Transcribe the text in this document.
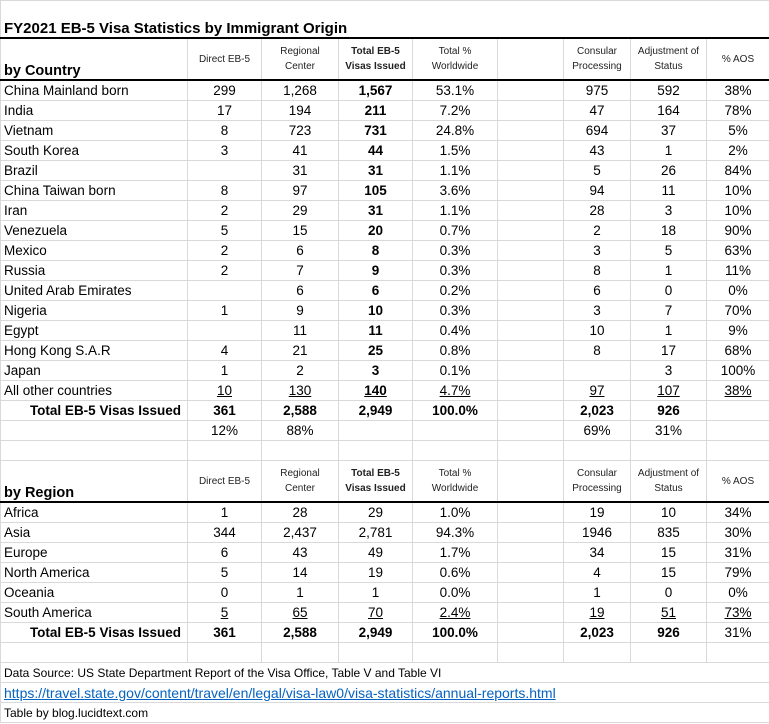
FY2021 EB-5 Visa Statistics by Immigrant Origin								
by Country	Direct EB-5	Regional Center	Total EB-5 Visas Issued	Total % Worldwide		Consular Processing	Adjustment of Status	% AOS
China Mainland born	299	1,268	1,567	53.1%		975	592	38%
India	17	194	211	7.2%		47	164	78%
Vietnam	8	723	731	24.8%		694	37	5%
South Korea	3	41	44	1.5%		43	1	2%
Brazil		31	31	1.1%		5	26	84%
China Taiwan born	8	97	105	3.6%		94	11	10%
Iran	2	29	31	1.1%		28	3	10%
Venezuela	5	15	20	0.7%		2	18	90%
Mexico	2	6	8	0.3%		3	5	63%
Russia	2	7	9	0.3%		8	1	11%
United Arab Emirates		6	6	0.2%		6	0	0%
Nigeria	1	9	10	0.3%		3	7	70%
Egypt		11	11	0.4%		10	1	9%
Hong Kong S.A.R	4	21	25	0.8%		8	17	68%
Japan	1	2	3	0.1%			3	100%
All other countries	10	130	140	4.7%		97	107	38%
Total EB-5 Visas Issued	361	2,588	2,949	100.0%		2,023	926	
	12%	88%				69%	31%	

by Region	Direct EB-5	Regional Center	Total EB-5 Visas Issued	Total % Worldwide		Consular Processing	Adjustment of Status	% AOS
Africa	1	28	29	1.0%		19	10	34%
Asia	344	2,437	2,781	94.3%		1946	835	30%
Europe	6	43	49	1.7%		34	15	31%
North America	5	14	19	0.6%		4	15	79%
Oceania	0	1	1	0.0%		1	0	0%
South America	5	65	70	2.4%		19	51	73%
Total EB-5 Visas Issued	361	2,588	2,949	100.0%		2,023	926	31%

Data Source: US State Department Report of the Visa Office, Table V and Table VI								
https://travel.state.gov/content/travel/en/legal/visa-law0/visa-statistics/annual-reports.html								
Table by blog.lucidtext.com								
